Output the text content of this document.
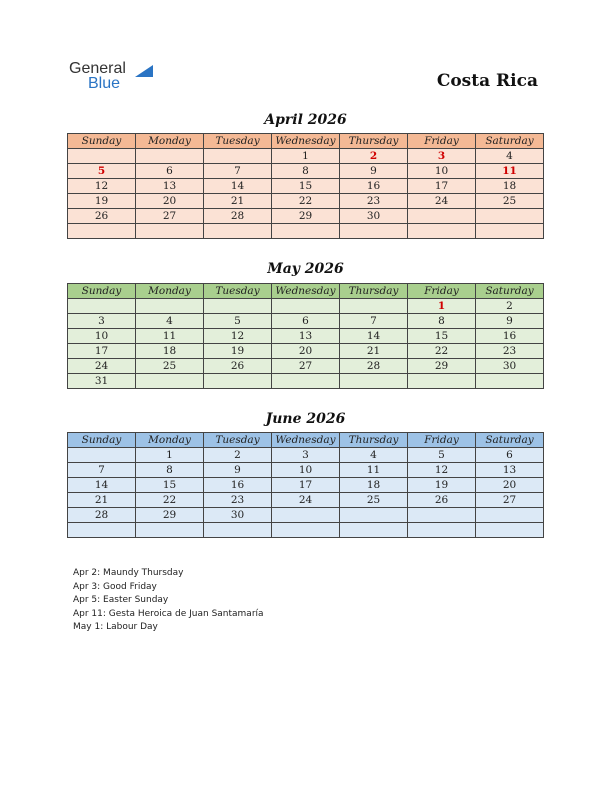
General
Blue	Costa Rica
April 2026
Sunday	Monday	Tuesday	Wednesday	Thursday	Friday	Saturday
			1	2	3	4
5	6	7	8	9	10	11
12	13	14	15	16	17	18
19	20	21	22	23	24	25
26	27	28	29	30		

May 2026
Sunday	Monday	Tuesday	Wednesday	Thursday	Friday	Saturday
					1	2
3	4	5	6	7	8	9
10	11	12	13	14	15	16
17	18	19	20	21	22	23
24	25	26	27	28	29	30
31						
June 2026
Sunday	Monday	Tuesday	Wednesday	Thursday	Friday	Saturday
	1	2	3	4	5	6
7	8	9	10	11	12	13
14	15	16	17	18	19	20
21	22	23	24	25	26	27
28	29	30				

Apr 2: Maundy Thursday
Apr 3: Good Friday
Apr 5: Easter Sunday
Apr 11: Gesta Heroica de Juan Santamaría
May 1: Labour Day
